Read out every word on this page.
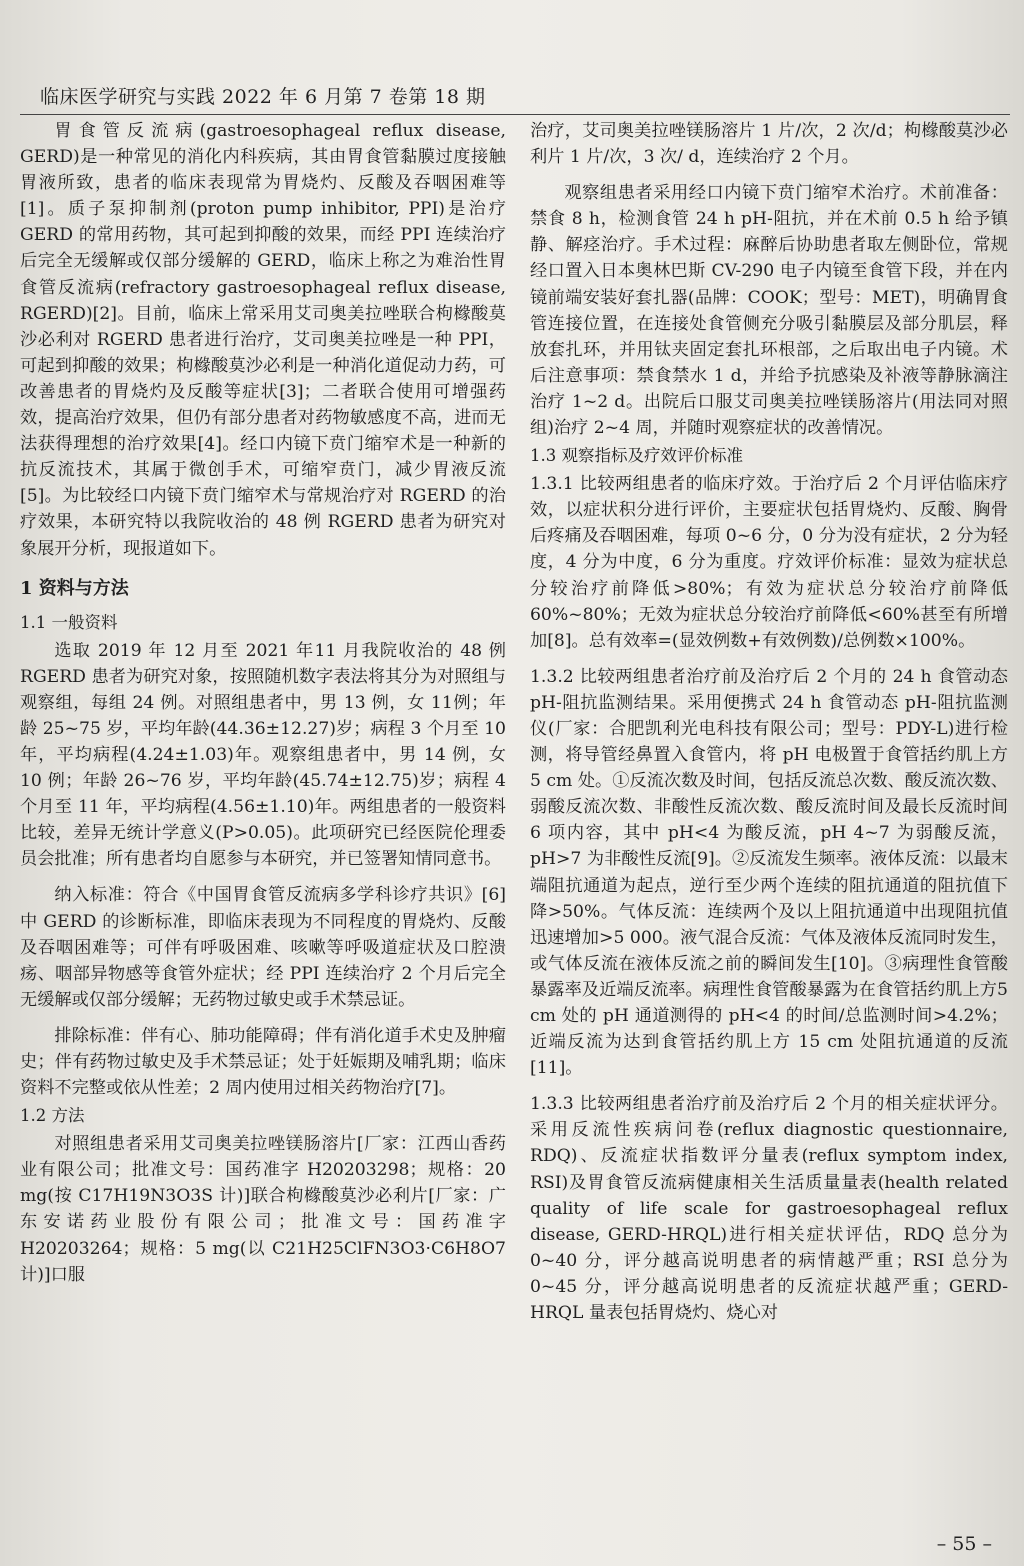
临床医学研究与实践 2022 年 6 月第 7 卷第 18 期

胃食管反流病(gastroesophageal reflux disease, GERD)是一种常见的消化内科疾病，其由胃食管黏膜过度接触胃液所致，患者的临床表现常为胃烧灼、反酸及吞咽困难等[1]。质子泵抑制剂(proton pump inhibitor, PPI)是治疗 GERD 的常用药物，其可起到抑酸的效果，而经 PPI 连续治疗后完全无缓解或仅部分缓解的 GERD，临床上称之为难治性胃食管反流病(refractory gastroesophageal reflux disease, RGERD)[2]。目前，临床上常采用艾司奥美拉唑联合枸橼酸莫沙必利对 RGERD 患者进行治疗，艾司奥美拉唑是一种 PPI，可起到抑酸的效果；枸橼酸莫沙必利是一种消化道促动力药，可改善患者的胃烧灼及反酸等症状[3]；二者联合使用可增强药效，提高治疗效果，但仍有部分患者对药物敏感度不高，进而无法获得理想的治疗效果[4]。经口内镜下贲门缩窄术是一种新的抗反流技术，其属于微创手术，可缩窄贲门，减少胃液反流[5]。为比较经口内镜下贲门缩窄术与常规治疗对 RGERD 的治疗效果，本研究特以我院收治的 48 例 RGERD 患者为研究对象展开分析，现报道如下。

1 资料与方法
1.1 一般资料

选取 2019 年 12 月至 2021 年11 月我院收治的 48 例 RGERD 患者为研究对象，按照随机数字表法将其分为对照组与观察组，每组 24 例。对照组患者中，男 13 例，女 11例；年龄 25~75 岁，平均年龄(44.36±12.27)岁；病程 3 个月至 10 年，平均病程(4.24±1.03)年。观察组患者中，男 14 例，女 10 例；年龄 26~76 岁，平均年龄(45.74±12.75)岁；病程 4 个月至 11 年，平均病程(4.56±1.10)年。两组患者的一般资料比较，差异无统计学意义(P>0.05)。此项研究已经医院伦理委员会批准；所有患者均自愿参与本研究，并已签署知情同意书。

纳入标准：符合《中国胃食管反流病多学科诊疗共识》[6]中 GERD 的诊断标准，即临床表现为不同程度的胃烧灼、反酸及吞咽困难等；可伴有呼吸困难、咳嗽等呼吸道症状及口腔溃疡、咽部异物感等食管外症状；经 PPI 连续治疗 2 个月后完全无缓解或仅部分缓解；无药物过敏史或手术禁忌证。

排除标准：伴有心、肺功能障碍；伴有消化道手术史及肿瘤史；伴有药物过敏史及手术禁忌证；处于妊娠期及哺乳期；临床资料不完整或依从性差；2 周内使用过相关药物治疗[7]。

1.2 方法

对照组患者采用艾司奥美拉唑镁肠溶片[厂家：江西山香药业有限公司；批准文号：国药准字 H20203298；规格：20 mg(按 C17H19N3O3S 计)]联合枸橼酸莫沙必利片[厂家：广东安诺药业股份有限公司；批准文号：国药准字 H20203264；规格：5 mg(以 C21H25ClFN3O3·C6H8O7 计)]口服

治疗，艾司奥美拉唑镁肠溶片 1 片/次，2 次/d；枸橼酸莫沙必利片 1 片/次，3 次/ d，连续治疗 2 个月。

观察组患者采用经口内镜下贲门缩窄术治疗。术前准备：禁食 8 h，检测食管 24 h pH-阻抗，并在术前 0.5 h 给予镇静、解痉治疗。手术过程：麻醉后协助患者取左侧卧位，常规经口置入日本奥林巴斯 CV-290 电子内镜至食管下段，并在内镜前端安装好套扎器(品牌：COOK；型号：MET)，明确胃食管连接位置，在连接处食管侧充分吸引黏膜层及部分肌层，释放套扎环，并用钛夹固定套扎环根部，之后取出电子内镜。术后注意事项：禁食禁水 1 d，并给予抗感染及补液等静脉滴注治疗 1~2 d。出院后口服艾司奥美拉唑镁肠溶片(用法同对照组)治疗 2~4 周，并随时观察症状的改善情况。

1.3 观察指标及疗效评价标准

1.3.1 比较两组患者的临床疗效。于治疗后 2 个月评估临床疗效，以症状积分进行评价，主要症状包括胃烧灼、反酸、胸骨后疼痛及吞咽困难，每项 0~6 分，0 分为没有症状，2 分为轻度，4 分为中度，6 分为重度。疗效评价标准：显效为症状总分较治疗前降低>80%；有效为症状总分较治疗前降低 60%~80%；无效为症状总分较治疗前降低<60%甚至有所增加[8]。总有效率=(显效例数+有效例数)/总例数×100%。

1.3.2 比较两组患者治疗前及治疗后 2 个月的 24 h 食管动态 pH-阻抗监测结果。采用便携式 24 h 食管动态 pH-阻抗监测仪(厂家：合肥凯利光电科技有限公司；型号：PDY-L)进行检测，将导管经鼻置入食管内，将 pH 电极置于食管括约肌上方 5 cm 处。①反流次数及时间，包括反流总次数、酸反流次数、弱酸反流次数、非酸性反流次数、酸反流时间及最长反流时间 6 项内容，其中 pH<4 为酸反流，pH 4~7 为弱酸反流，pH>7 为非酸性反流[9]。②反流发生频率。液体反流：以最末端阻抗通道为起点，逆行至少两个连续的阻抗通道的阻抗值下降>50%。气体反流：连续两个及以上阻抗通道中出现阻抗值迅速增加>5 000。液气混合反流：气体及液体反流同时发生，或气体反流在液体反流之前的瞬间发生[10]。③病理性食管酸暴露率及近端反流率。病理性食管酸暴露为在食管括约肌上方5 cm 处的 pH 通道测得的 pH<4 的时间/总监测时间>4.2%；近端反流为达到食管括约肌上方 15 cm 处阻抗通道的反流[11]。

1.3.3 比较两组患者治疗前及治疗后 2 个月的相关症状评分。采用反流性疾病问卷(reflux diagnostic questionnaire, RDQ)、反流症状指数评分量表(reflux symptom index, RSI)及胃食管反流病健康相关生活质量量表(health related quality of life scale for gastroesophageal reflux disease, GERD-HRQL)进行相关症状评估，RDQ 总分为 0~40 分，评分越高说明患者的病情越严重；RSI 总分为 0~45 分，评分越高说明患者的反流症状越严重；GERD-HRQL 量表包括胃烧灼、烧心对

– 55 –
